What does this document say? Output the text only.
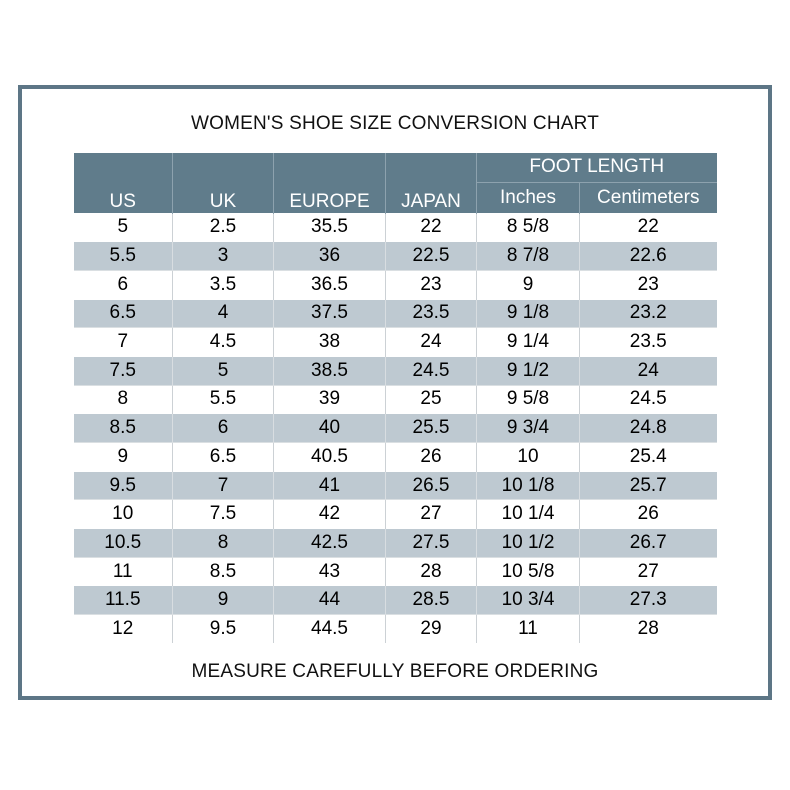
WOMEN'S SHOE SIZE CONVERSION CHART
US	UK	EUROPE	JAPAN	FOOT LENGTH	
				Inches	Centimeters
5	2.5	35.5	22	8 5/8	22
5.5	3	36	22.5	8 7/8	22.6
6	3.5	36.5	23	9	23
6.5	4	37.5	23.5	9 1/8	23.2
7	4.5	38	24	9 1/4	23.5
7.5	5	38.5	24.5	9 1/2	24
8	5.5	39	25	9 5/8	24.5
8.5	6	40	25.5	9 3/4	24.8
9	6.5	40.5	26	10	25.4
9.5	7	41	26.5	10 1/8	25.7
10	7.5	42	27	10 1/4	26
10.5	8	42.5	27.5	10 1/2	26.7
11	8.5	43	28	10 5/8	27
11.5	9	44	28.5	10 3/4	27.3
12	9.5	44.5	29	11	28
MEASURE CAREFULLY BEFORE ORDERING
